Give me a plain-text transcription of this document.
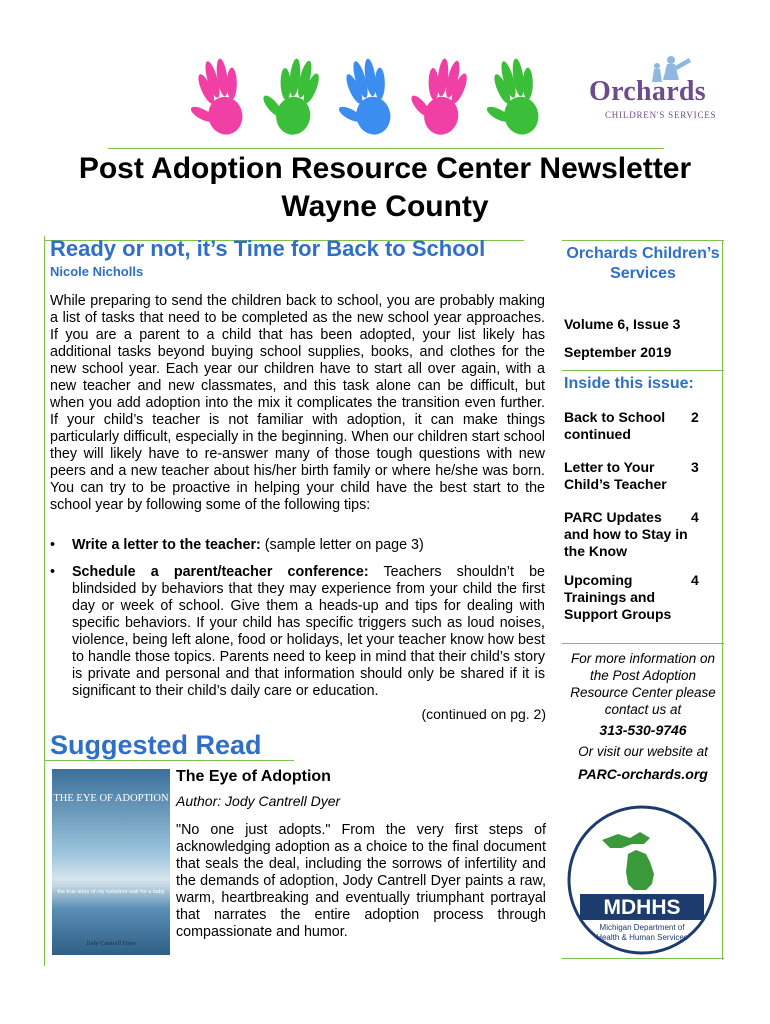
Orchards
CHILDREN'S SERVICES
Post Adoption Resource Center Newsletter
Wayne County
Ready or not, it’s Time for Back to School
Nicole Nicholls
While preparing to send the children back to school, you are probably making a list of tasks that need to be completed as the new school year approaches. If you are a parent to a child that has been adopted, your list likely has additional tasks beyond buying school supplies, books, and clothes for the new school year. Each year our children have to start all over again, with a new teacher and new classmates, and this task alone can be difficult, but when you add adoption into the mix it complicates the transition even further. If your child’s teacher is not familiar with adoption, it can make things particularly difficult, especially in the beginning. When our children start school they will likely have to re-answer many of those tough questions with new peers and a new teacher about his/her birth family or where he/she was born. You can try to be proactive in helping your child have the best start to the school year by following some of the following tips:
• Write a letter to the teacher: (sample letter on page 3)
• Schedule a parent/teacher conference: Teachers shouldn’t be blindsided by behaviors that they may experience from your child the first day or week of school. Give them a heads-up and tips for dealing with specific behaviors. If your child has specific triggers such as loud noises, violence, being left alone, food or holidays, let your teacher know how best to handle those topics. Parents need to keep in mind that their child’s story is private and personal and that information should only be shared if it is significant to their child’s daily care or education.
(continued on pg. 2)
Suggested Read
THE EYE OF ADOPTION
the true story of my turbulent wait for a baby
Jody Cantrell Dyer
The Eye of Adoption
Author: Jody Cantrell Dyer
"No one just adopts." From the very first steps of acknowledging adoption as a choice to the final document that seals the deal, including the sorrows of infertility and the demands of adoption, Jody Cantrell Dyer paints a raw, warm, heartbreaking and eventually triumphant portrayal that narrates the entire adoption process through compassionate and humor.
Orchards Children’s Services
Volume 6, Issue 3
September 2019
Inside this issue:
Back to School continued
2
Letter to Your Child’s Teacher
3
PARC Updates and how to Stay in the Know
4
Upcoming Trainings and Support Groups
4
For more information on the Post Adoption Resource Center please contact us at
313-530-9746
Or visit our website at
PARC-orchards.org
MDHHS
Michigan Department of
Health & Human Services
